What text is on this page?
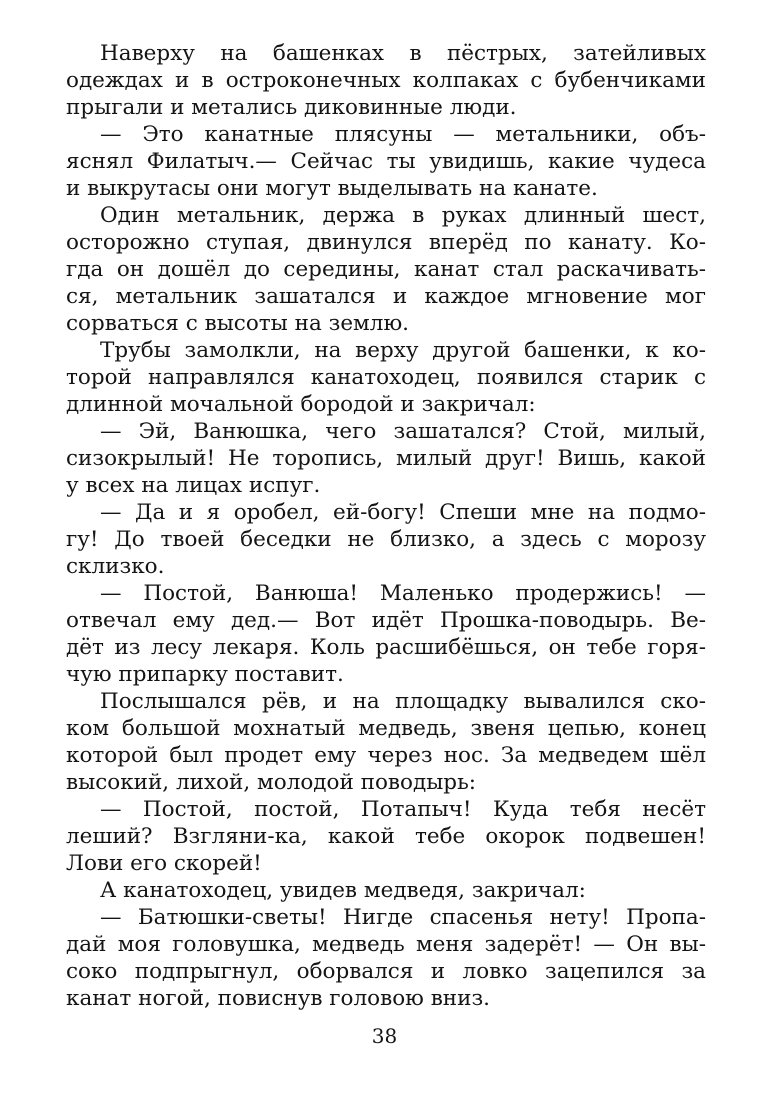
Наверху на башенках в пёстрых, затейливых
одеждах и в остроконечных колпаках с бубенчиками
прыгали и метались диковинные люди.
— Это канатные плясуны — метальники, объ-
яснял Филатыч.— Сейчас ты увидишь, какие чудеса
и выкрутасы они могут выделывать на канате.
Один метальник, держа в руках длинный шест,
осторожно ступая, двинулся вперёд по канату. Ко-
гда он дошёл до середины, канат стал раскачивать-
ся, метальник зашатался и каждое мгновение мог
сорваться с высоты на землю.
Трубы замолкли, на верху другой башенки, к ко-
торой направлялся канатоходец, появился старик с
длинной мочальной бородой и закричал:
— Эй, Ванюшка, чего зашатался? Стой, милый,
сизокрылый! Не торопись, милый друг! Вишь, какой
у всех на лицах испуг.
— Да и я оробел, ей-богу! Спеши мне на подмо-
гу! До твоей беседки не близко, а здесь с морозу
склизко.
— Постой, Ванюша! Маленько продержись! —
отвечал ему дед.— Вот идёт Прошка-поводырь. Ве-
дёт из лесу лекаря. Коль расшибёшься, он тебе горя-
чую припарку поставит.
Послышался рёв, и на площадку вывалился ско-
ком большой мохнатый медведь, звеня цепью, конец
которой был продет ему через нос. За медведем шёл
высокий, лихой, молодой поводырь:
— Постой, постой, Потапыч! Куда тебя несёт
леший? Взгляни-ка, какой тебе окорок подвешен!
Лови его скорей!
А канатоходец, увидев медведя, закричал:
— Батюшки-светы! Нигде спасенья нету! Пропа-
дай моя головушка, медведь меня задерёт! — Он вы-
соко подпрыгнул, оборвался и ловко зацепился за
канат ногой, повиснув головою вниз.
38
